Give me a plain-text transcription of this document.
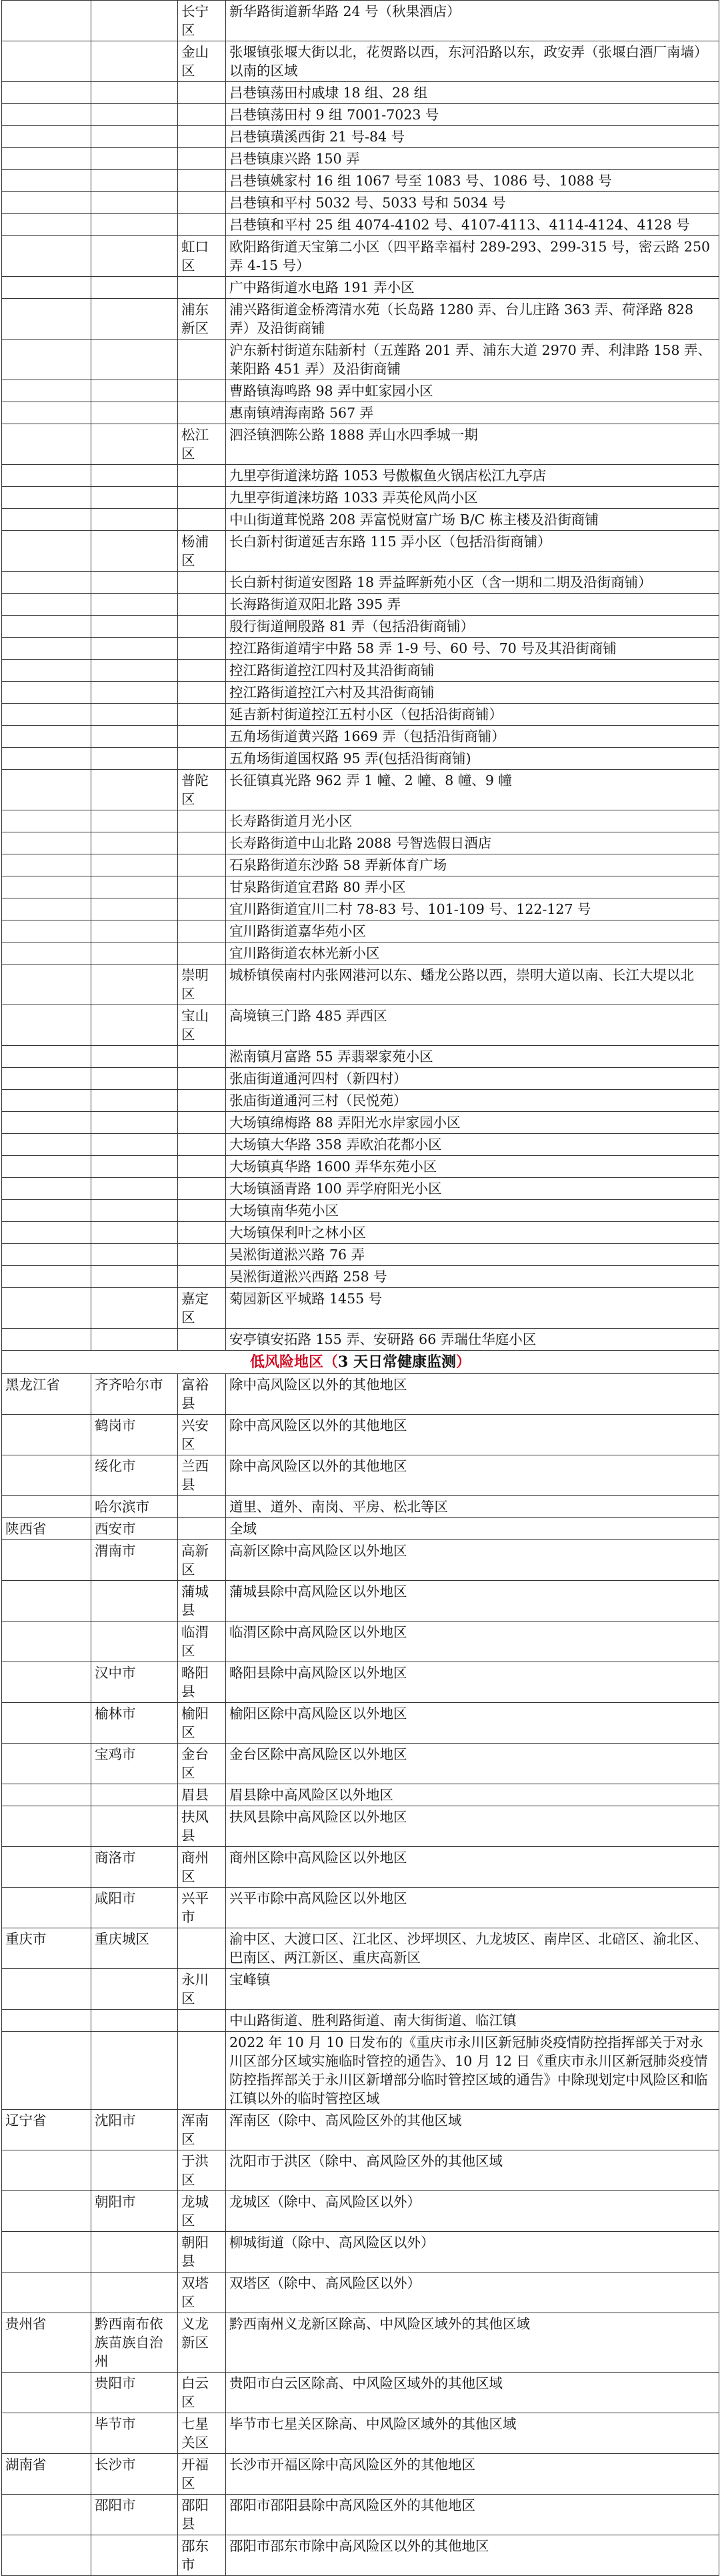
		长宁区	新华路街道新华路 24 号（秋果酒店）
		金山区	张堰镇张堰大街以北，花贺路以西，东河沿路以东，政安弄（张堰白酒厂南墙）以南的区域
			吕巷镇荡田村戚埭 18 组、28 组
			吕巷镇荡田村 9 组 7001-7023 号
			吕巷镇璜溪西街 21 号-84 号
			吕巷镇康兴路 150 弄
			吕巷镇姚家村 16 组 1067 号至 1083 号、1086 号、1088 号
			吕巷镇和平村 5032 号、5033 号和 5034 号
			吕巷镇和平村 25 组 4074-4102 号、4107-4113、4114-4124、4128 号
		虹口区	欧阳路街道天宝第二小区（四平路幸福村 289-293、299-315 号，密云路 250 弄 4-15 号）
			广中路街道水电路 191 弄小区
		浦东新区	浦兴路街道金桥湾清水苑（长岛路 1280 弄、台儿庄路 363 弄、荷泽路 828 弄）及沿街商铺
			沪东新村街道东陆新村（五莲路 201 弄、浦东大道 2970 弄、利津路 158 弄、莱阳路 451 弄）及沿街商铺
			曹路镇海鸣路 98 弄中虹家园小区
			惠南镇靖海南路 567 弄
		松江区	泗泾镇泗陈公路 1888 弄山水四季城一期
			九里亭街道涞坊路 1053 号傲椒鱼火锅店松江九亭店
			九里亭街道涞坊路 1033 弄英伦风尚小区
			中山街道茸悦路 208 弄富悦财富广场 B/C 栋主楼及沿街商铺
		杨浦区	长白新村街道延吉东路 115 弄小区（包括沿街商铺）
			长白新村街道安图路 18 弄益晖新苑小区（含一期和二期及沿街商铺）
			长海路街道双阳北路 395 弄
			殷行街道闸殷路 81 弄（包括沿街商铺）
			控江路街道靖宇中路 58 弄 1-9 号、60 号、70 号及其沿街商铺
			控江路街道控江四村及其沿街商铺
			控江路街道控江六村及其沿街商铺
			延吉新村街道控江五村小区（包括沿街商铺）
			五角场街道黄兴路 1669 弄（包括沿街商铺）
			五角场街道国权路 95 弄(包括沿街商铺)
		普陀区	长征镇真光路 962 弄 1 幢、2 幢、8 幢、9 幢
			长寿路街道月光小区
			长寿路街道中山北路 2088 号智选假日酒店
			石泉路街道东沙路 58 弄新体育广场
			甘泉路街道宜君路 80 弄小区
			宜川路街道宜川二村 78-83 号、101-109 号、122-127 号
			宜川路街道嘉华苑小区
			宜川路街道农林光新小区
		崇明区	城桥镇侯南村内张网港河以东、蟠龙公路以西，崇明大道以南、长江大堤以北
		宝山区	高境镇三门路 485 弄西区
			淞南镇月富路 55 弄翡翠家苑小区
			张庙街道通河四村（新四村）
			张庙街道通河三村（民悦苑）
			大场镇绵梅路 88 弄阳光水岸家园小区
			大场镇大华路 358 弄欧泊花都小区
			大场镇真华路 1600 弄华东苑小区
			大场镇涵青路 100 弄学府阳光小区
			大场镇南华苑小区
			大场镇保利叶之林小区
			吴淞街道淞兴路 76 弄
			吴淞街道淞兴西路 258 号
		嘉定区	菊园新区平城路 1455 号
			安亭镇安拓路 155 弄、安研路 66 弄瑞仕华庭小区
低风险地区（3 天日常健康监测）			
黑龙江省	齐齐哈尔市	富裕县	除中高风险区以外的其他地区
	鹤岗市	兴安区	除中高风险区以外的其他地区
	绥化市	兰西县	除中高风险区以外的其他地区
	哈尔滨市		道里、道外、南岗、平房、松北等区
陕西省	西安市		全域
	渭南市	高新区	高新区除中高风险区以外地区
		蒲城县	蒲城县除中高风险区以外地区
		临渭区	临渭区除中高风险区以外地区
	汉中市	略阳县	略阳县除中高风险区以外地区
	榆林市	榆阳区	榆阳区除中高风险区以外地区
	宝鸡市	金台区	金台区除中高风险区以外地区
		眉县	眉县除中高风险区以外地区
		扶风县	扶风县除中高风险区以外地区
	商洛市	商州区	商州区除中高风险区以外地区
	咸阳市	兴平市	兴平市除中高风险区以外地区
重庆市	重庆城区		渝中区、大渡口区、江北区、沙坪坝区、九龙坡区、南岸区、北碚区、渝北区、巴南区、两江新区、重庆高新区
		永川区	宝峰镇
			中山路街道、胜利路街道、南大街街道、临江镇
			2022 年 10 月 10 日发布的《重庆市永川区新冠肺炎疫情防控指挥部关于对永川区部分区域实施临时管控的通告》、10 月 12 日《重庆市永川区新冠肺炎疫情防控指挥部关于永川区新增部分临时管控区域的通告》中除现划定中风险区和临江镇以外的临时管控区域
辽宁省	沈阳市	浑南区	浑南区（除中、高风险区外的其他区域
		于洪区	沈阳市于洪区（除中、高风险区外的其他区域
	朝阳市	龙城区	龙城区（除中、高风险区以外）
		朝阳县	柳城街道（除中、高风险区以外）
		双塔区	双塔区（除中、高风险区以外）
贵州省	黔西南布依族苗族自治州	义龙新区	黔西南州义龙新区除高、中风险区域外的其他区域
	贵阳市	白云区	贵阳市白云区除高、中风险区域外的其他区域
	毕节市	七星关区	毕节市七星关区除高、中风险区域外的其他区域
湖南省	长沙市	开福区	长沙市开福区除中高风险区外的其他地区
	邵阳市	邵阳县	邵阳市邵阳县除中高风险区外的其他地区
		邵东市	邵阳市邵东市除中高风险区以外的其他地区
